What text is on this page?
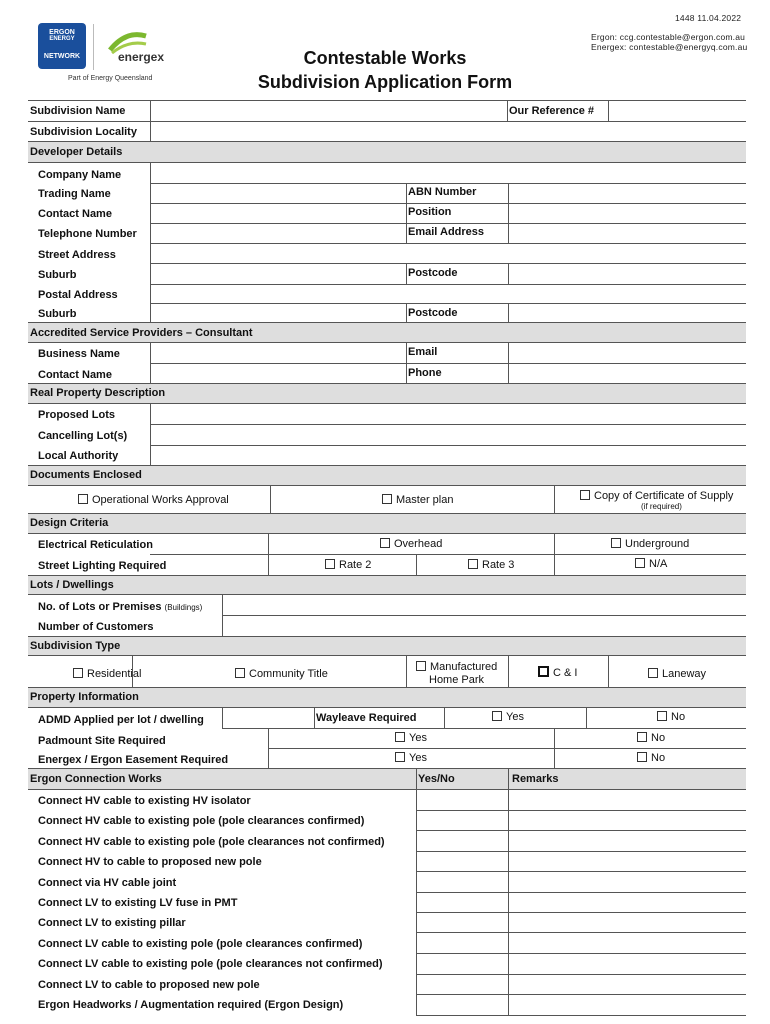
1448 11.04.2022
Ergon: ccg.contestable@ergon.com.au
Energex: contestable@energyq.com.au
ERGON
ENERGY
NETWORK	energex
Part of Energy Queensland
Contestable Works
Subdivision Application Form
Subdivision Name	Our Reference #
Subdivision Locality
Developer Details
Company Name
Trading Name	ABN Number
Contact Name	Position
Telephone Number	Email Address
Street Address
Suburb	Postcode
Postal Address
Suburb	Postcode
Accredited Service Providers – Consultant
Business Name	Email
Contact Name	Phone
Real Property Description
Proposed Lots
Cancelling Lot(s)
Local Authority
Documents Enclosed
Operational Works Approval	Master plan	Copy of Certificate of Supply
(if required)
Design Criteria
Electrical Reticulation	Overhead	Underground
Street Lighting Required	Rate 2	Rate 3	N/A
Lots / Dwellings
No. of Lots or Premises (Buildings)
Number of Customers
Subdivision Type
Residential	Community Title
Manufactured
Home Park
C & I	Laneway
Property Information
ADMD Applied per lot / dwelling	Wayleave Required	Yes	No
Padmount Site Required	Yes	No
Energex / Ergon Easement Required	Yes	No
Ergon Connection Works	Yes/No	Remarks
Connect HV cable to existing HV isolator
Connect HV cable to existing pole (pole clearances confirmed)
Connect HV cable to existing pole (pole clearances not confirmed)
Connect HV to cable to proposed new pole
Connect via HV cable joint
Connect LV to existing LV fuse in PMT
Connect LV to existing pillar
Connect LV cable to existing pole (pole clearances confirmed)
Connect LV cable to existing pole (pole clearances not confirmed)
Connect LV to cable to proposed new pole
Ergon Headworks / Augmentation required (Ergon Design)
